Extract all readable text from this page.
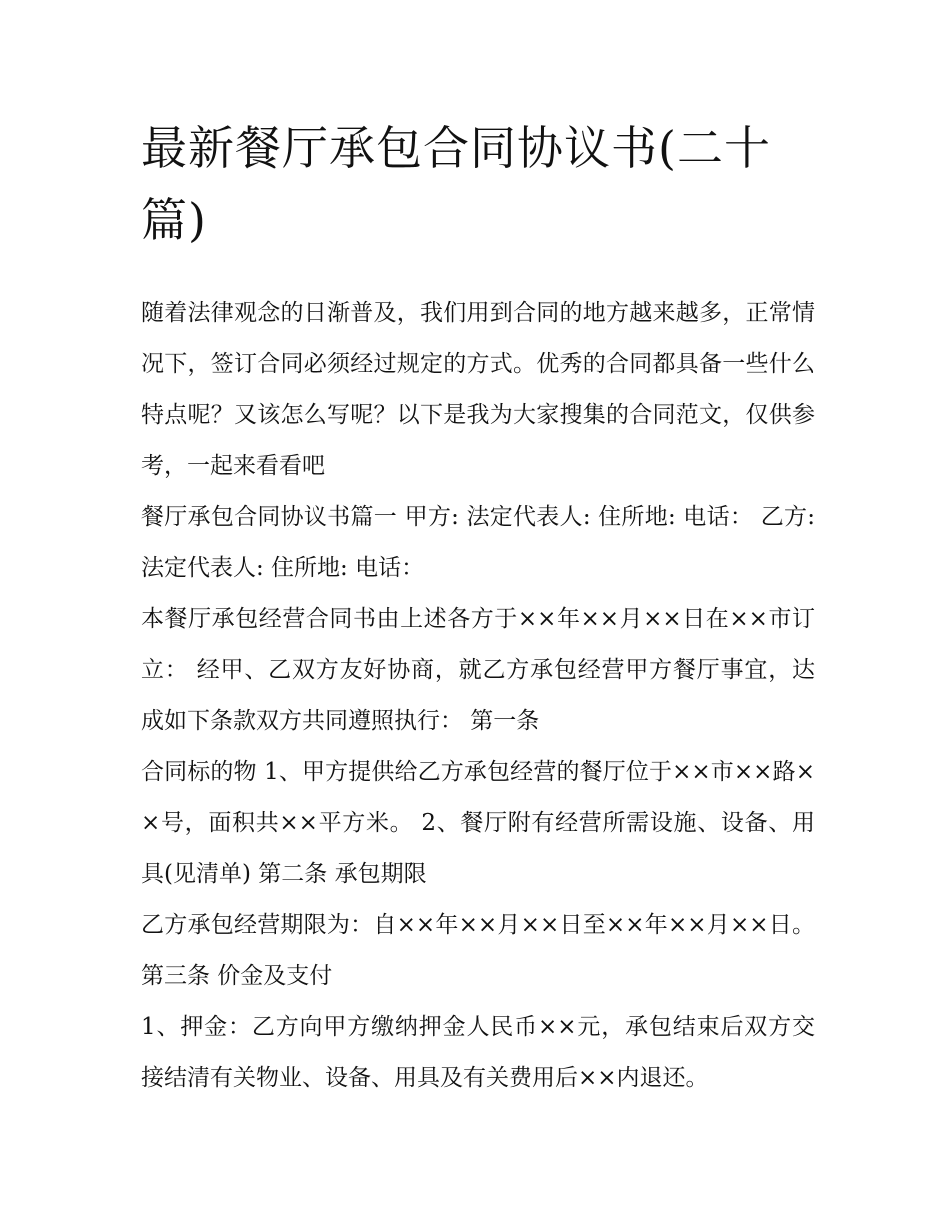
最新餐厅承包合同协议书(二十篇)

随着法律观念的日渐普及，我们用到合同的地方越来越多，正常情况下，签订合同必须经过规定的方式。优秀的合同都具备一些什么特点呢？又该怎么写呢？以下是我为大家搜集的合同范文，仅供参考，一起来看看吧

餐厅承包合同协议书篇一 甲方: 法定代表人: 住所地: 电话： 乙方: 法定代表人: 住所地: 电话：

本餐厅承包经营合同书由上述各方于××年××月××日在××市订立： 经甲、乙双方友好协商，就乙方承包经营甲方餐厅事宜，达成如下条款双方共同遵照执行： 第一条

合同标的物 1、甲方提供给乙方承包经营的餐厅位于××市××路××号，面积共××平方米。 2、餐厅附有经营所需设施、设备、用具(见清单) 第二条 承包期限

乙方承包经营期限为：自××年××月××日至××年××月××日。 第三条 价金及支付

1、押金：乙方向甲方缴纳押金人民币××元，承包结束后双方交接结清有关物业、设备、用具及有关费用后××内退还。
